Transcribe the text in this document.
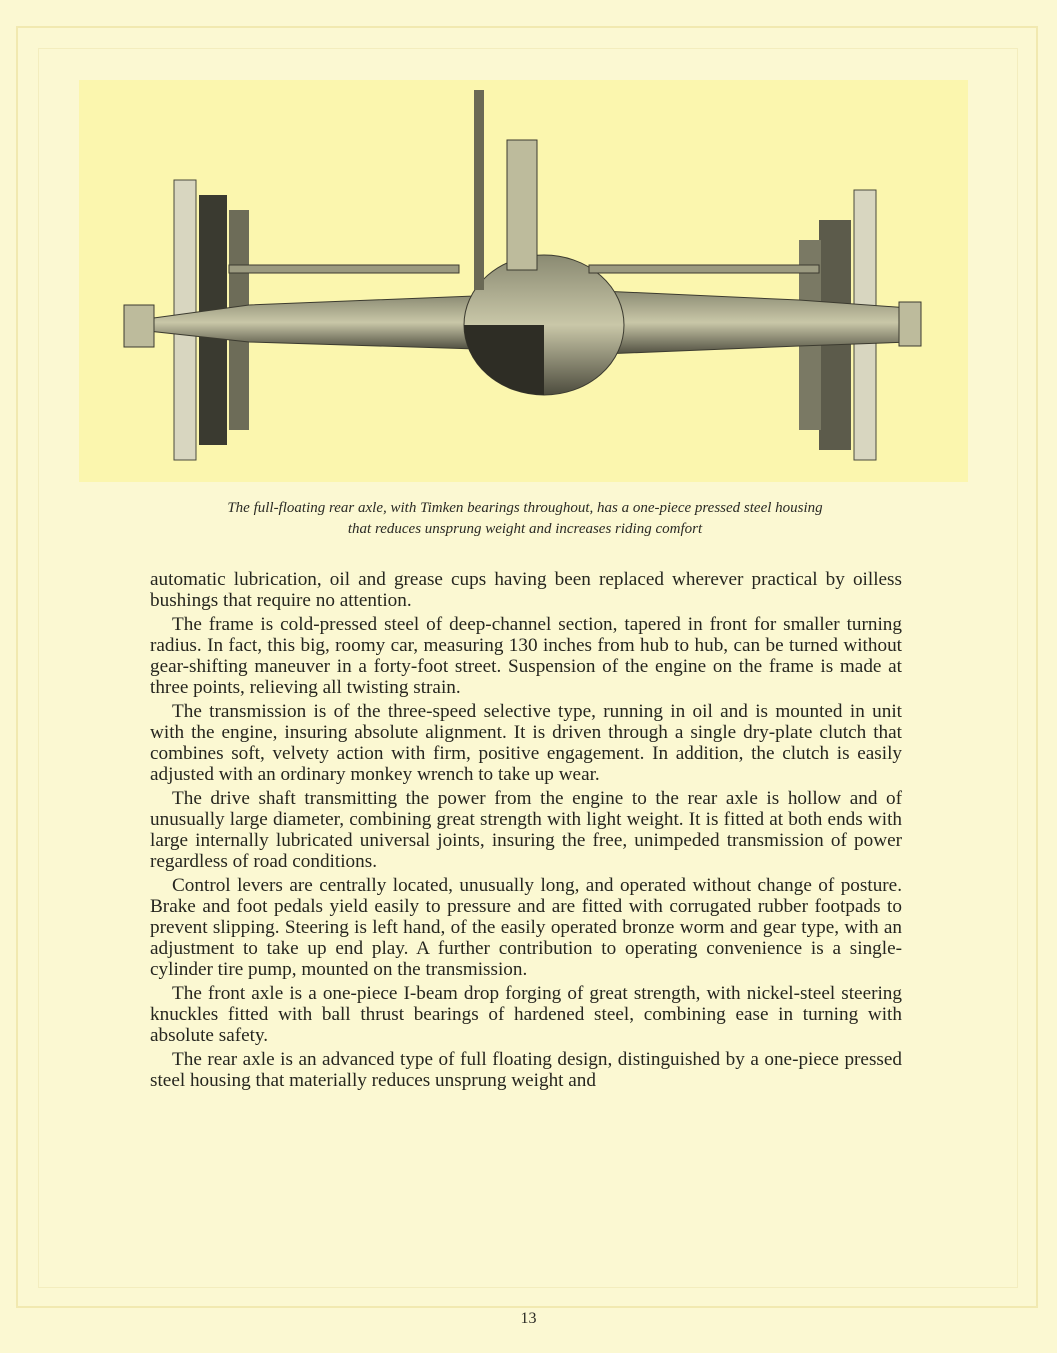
The full-floating rear axle, with Timken bearings throughout, has a one-piece pressed steel housing
that reduces unsprung weight and increases riding comfort

automatic lubrication, oil and grease cups having been replaced wherever practical by oilless bushings that require no attention.

The frame is cold-pressed steel of deep-channel section, tapered in front for smaller turning radius. In fact, this big, roomy car, measuring 130 inches from hub to hub, can be turned without gear-shifting maneuver in a forty-foot street. Suspension of the engine on the frame is made at three points, relieving all twisting strain.

The transmission is of the three-speed selective type, running in oil and is mounted in unit with the engine, insuring absolute alignment. It is driven through a single dry-plate clutch that combines soft, velvety action with firm, positive engagement. In addition, the clutch is easily adjusted with an ordinary monkey wrench to take up wear.

The drive shaft transmitting the power from the engine to the rear axle is hollow and of unusually large diameter, combining great strength with light weight. It is fitted at both ends with large internally lubricated universal joints, insuring the free, unimpeded transmission of power regardless of road conditions.

Control levers are centrally located, unusually long, and operated without change of posture. Brake and foot pedals yield easily to pressure and are fitted with corrugated rubber footpads to prevent slipping. Steering is left hand, of the easily operated bronze worm and gear type, with an adjustment to take up end play. A further contribution to operating convenience is a single-cylinder tire pump, mounted on the transmission.

The front axle is a one-piece I-beam drop forging of great strength, with nickel-steel steering knuckles fitted with ball thrust bearings of hardened steel, combining ease in turning with absolute safety.

The rear axle is an advanced type of full floating design, distinguished by a one-piece pressed steel housing that materially reduces unsprung weight and

13
